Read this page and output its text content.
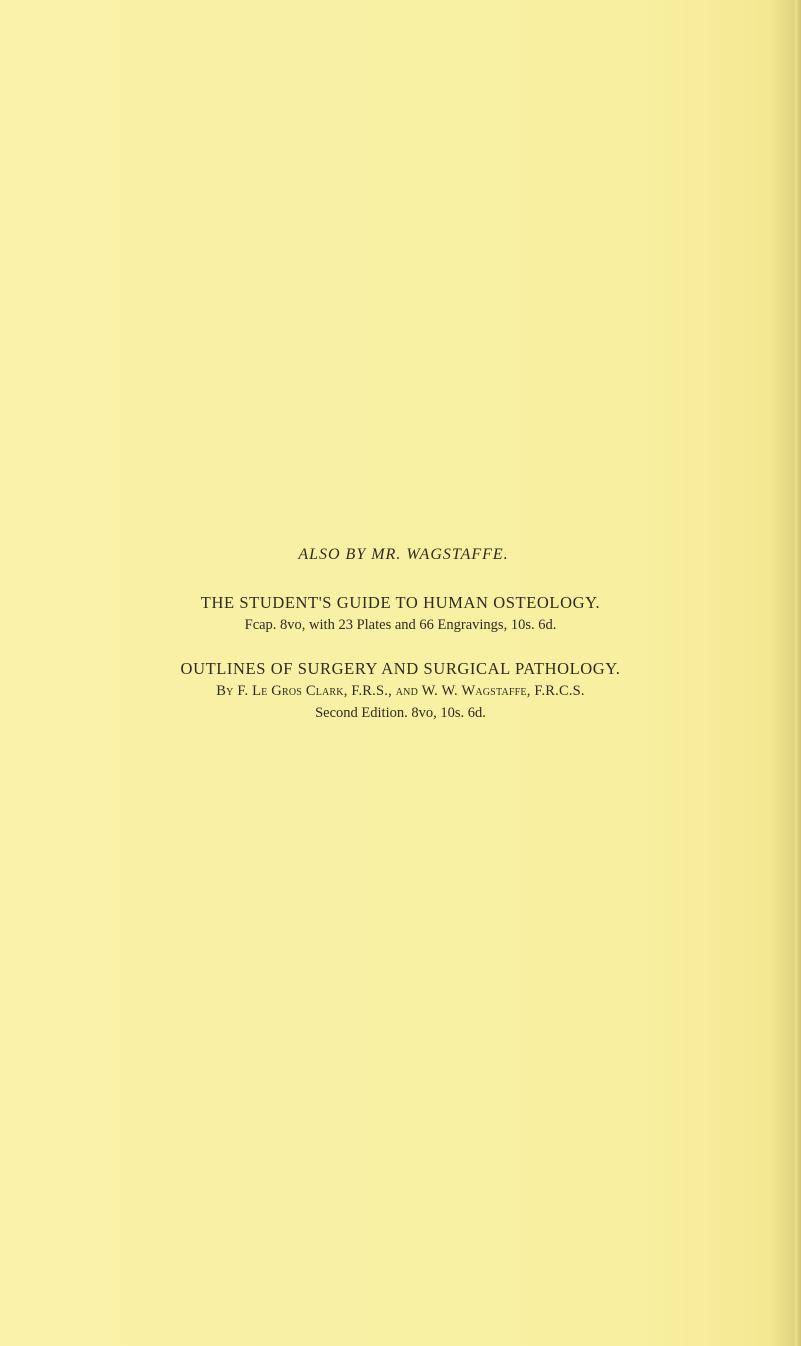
ALSO BY MR. WAGSTAFFE.
THE STUDENT'S GUIDE TO HUMAN OSTEOLOGY.
Fcap. 8vo, with 23 Plates and 66 Engravings, 10s. 6d.
OUTLINES OF SURGERY AND SURGICAL PATHOLOGY.
By F. Le Gros Clark, F.R.S., and W. W. Wagstaffe, F.R.C.S.
Second Edition. 8vo, 10s. 6d.
